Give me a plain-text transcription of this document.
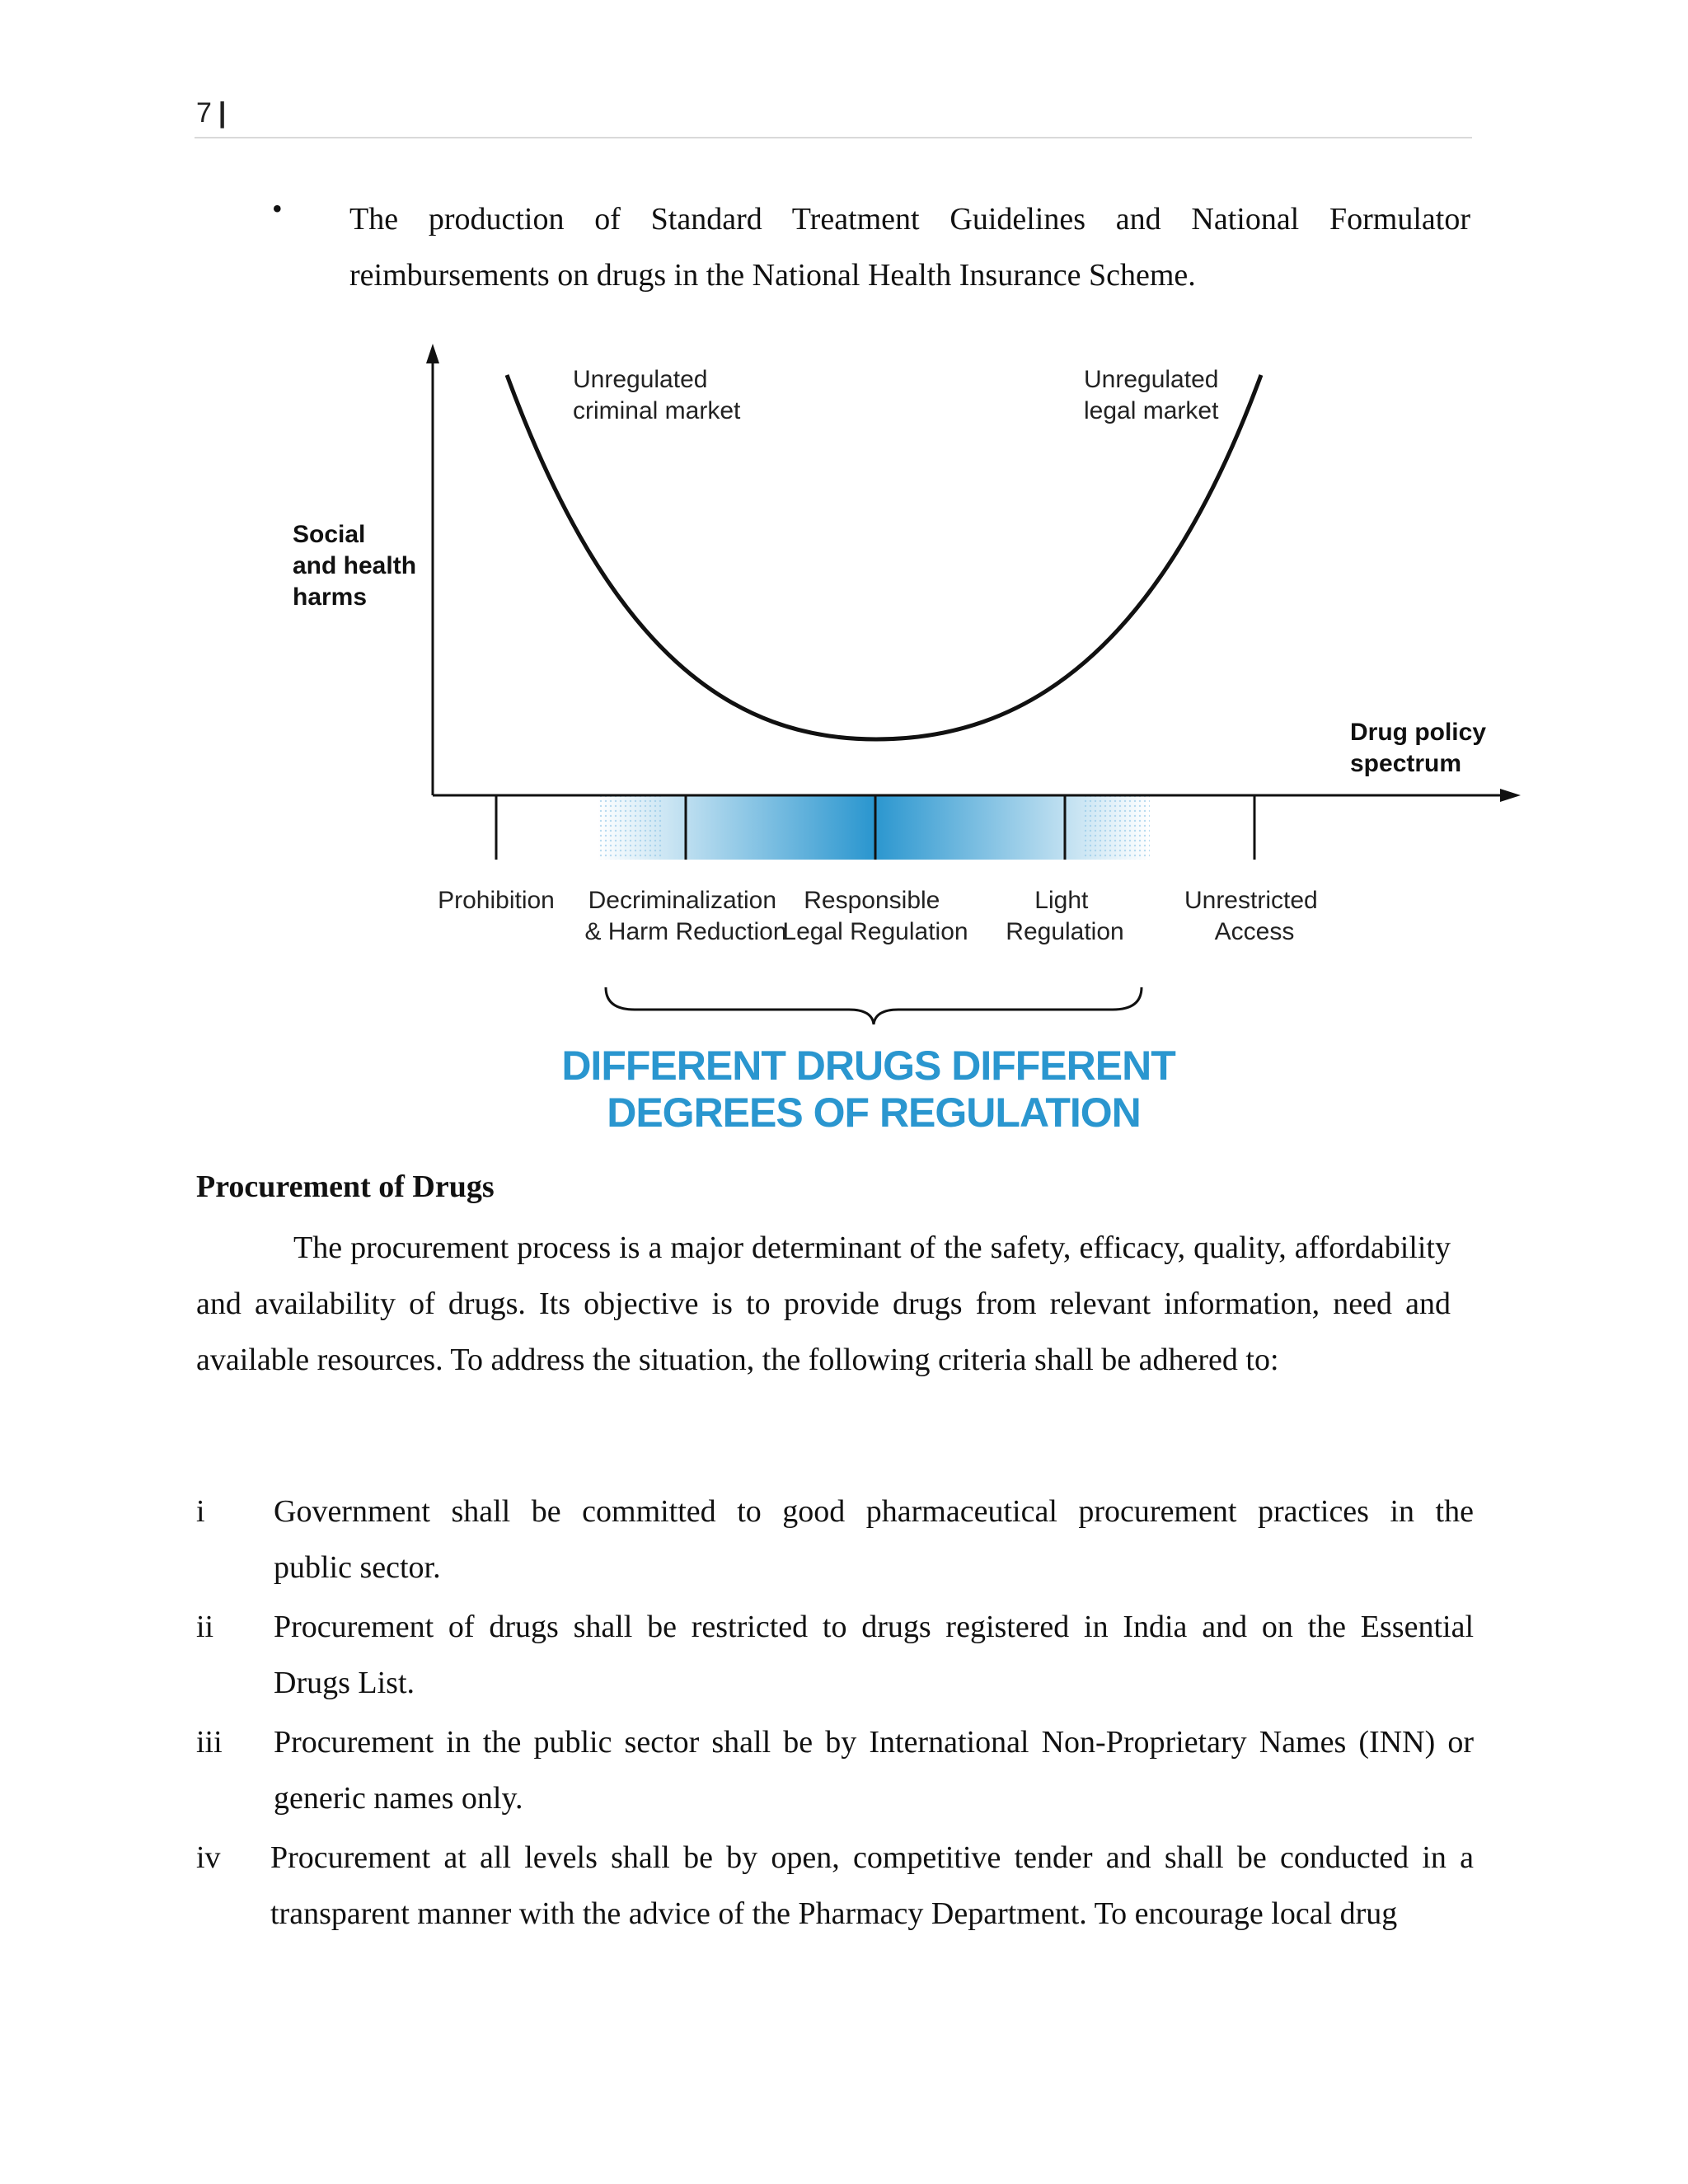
7 |
• The production of Standard Treatment Guidelines and National Formulator
reimbursements on drugs in the National Health Insurance Scheme.
Unregulated criminal market
Unregulated legal market
Social and health harms
Drug policy spectrum
Prohibition Decriminalization & Harm Reduction
Responsible Legal Regulation
Light Regulation
Unrestricted Access
DIFFERENT DRUGS DIFFERENT DEGREES OF REGULATION
Procurement of Drugs
The procurement process is a major determinant of the safety, efficacy, quality, affordability and availability of drugs. Its objective is to provide drugs from relevant information, need and available resources. To address the situation, the following criteria shall be adhered to:
i Government shall be committed to good pharmaceutical procurement practices in the
public sector.
ii Procurement of drugs shall be restricted to drugs registered in India and on the Essential
Drugs List.
iii Procurement in the public sector shall be by International Non-Proprietary Names (INN) or
generic names only.
iv Procurement at all levels shall be by open, competitive tender and shall be conducted in a
transparent manner with the advice of the Pharmacy Department. To encourage local drug
